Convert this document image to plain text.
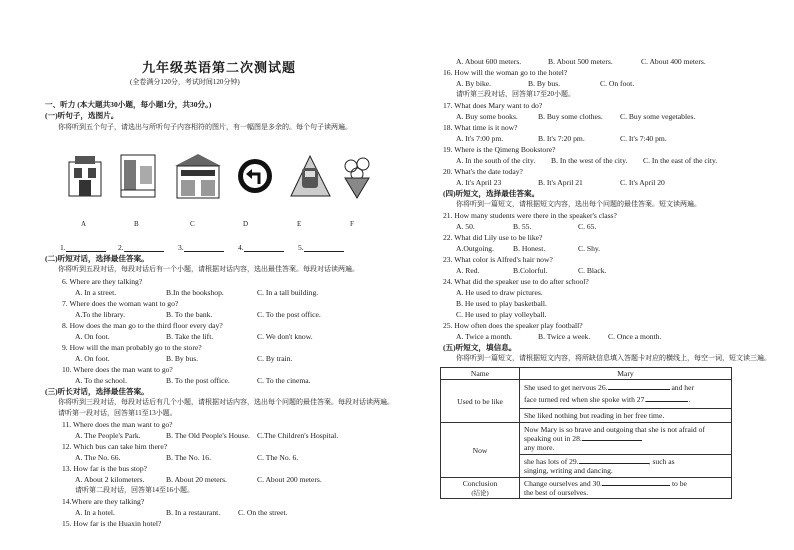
九年级英语第二次测试题
(全卷满分120分，考试时间120分钟)
一、听力 (本大题共30小题，每小题1分，共30分。)
(一)听句子，选图片。
你将听到五个句子，请选出与所听句子内容相符的图片，有一幅图是多余的。每个句子读两遍。
A	B	C	D	E	F
1.	2.	3.	4.	5.
(二)听短对话，选择最佳答案。
你将听到五段对话，每段对话后有一个小题，请根据对话内容，选出最佳答案。每段对话读两遍。
6. Where are they talking?
A. In a street.	B.In the bookshop.	C. In a tall building.
7. Where does the woman want to go?
A.To the library.	B. To the bank.	C. To the post office.
8. How does the man go to the third floor every day?
A. On foot.	B. Take the lift.	C. We don't know.
9. How will the man probably go to the store?
A. On foot.	B. By bus.	C. By train.
10. Where does the man want to go?
A. To the school.	B. To the post office.	C. To the cinema.
(三)听长对话，选择最佳答案。
你将听到三段对话，每段对话后有几个小题，请根据对话内容，选出每个问题的最佳答案。每段对话读两遍。
请听第一段对话，回答第11至13小题。
11. Where does the man want to go?
A. The People's Park.	B. The Old People's House. C.The Children's Hospital.
12. Which bus can take him there?
A. The No. 66.	B. The No. 16.	C. The No. 6.
13. How far is the bus stop?
A. About 2 kilometers.	B. About 20 meters.	C. About 200 meters.
请听第二段对话，回答第14至16小题。
14.Where are they talking?
A. In a hotel.	B. In a restaurant. C. On the street.
15. How far is the Huaxin hotel?
A. About 600 meters.	B. About 500 meters.	C. About 400 meters.
16. How will the woman go to the hotel?
A. By bike.	B. By bus.	C. On foot.
请听第三段对话，回答第17至20小题。
17. What does Mary want to do?
A. Buy some books.	B. Buy some clothes. C. Buy some vegetables.
18. What time is it now?
A. It's 7:00 pm.	B. It's 7:20 pm.	C. It's 7:40 pm.
19. Where is the Qimeng Bookstore?
A. In the south of the city. B. In the west of the city. C. In the east of the city.
20. What's the date today?
A. It's April 23	B. It's April 21	C. It's April 20
(四)听短文，选择最佳答案。
你将听到一篇短文，请根据短文内容，选出每个问题的最佳答案。短文读两遍。
21. How many students were there in the speaker's class?
A. 50.	B. 55.	C. 65.
22. What did Lily use to be like?
A.Outgoing.	B. Honest.	C. Shy.
23. What color is Alfred's hair now?
A. Red.	B.Colorful.	C. Black.
24. What did the speaker use to do after school?
A. He used to draw pictures.
B. He used to play basketball.
C. He used to play volleyball.
25. How often does the speaker play football?
A. Twice a month.	B. Twice a week. C. Once a month.
(五)听短文，填信息。
你将听到一篇短文，请根据短文内容，将所缺信息填入答题卡对应的横线上，每空一词，短文读三遍。
Name	Mary
Used to be like	She used to get nervous 26. and her
face turned red when she spoke with 27. .
She liked nothing but reading in her free time.

Now	Now Mary is so brave and outgoing that she is not afraid of speaking out in 28.
any more.
she has lots of 29. , such as
singing, writing and dancing.

Conclusion
(结论)	Change ourselves and 30. to be
the best of ourselves.
